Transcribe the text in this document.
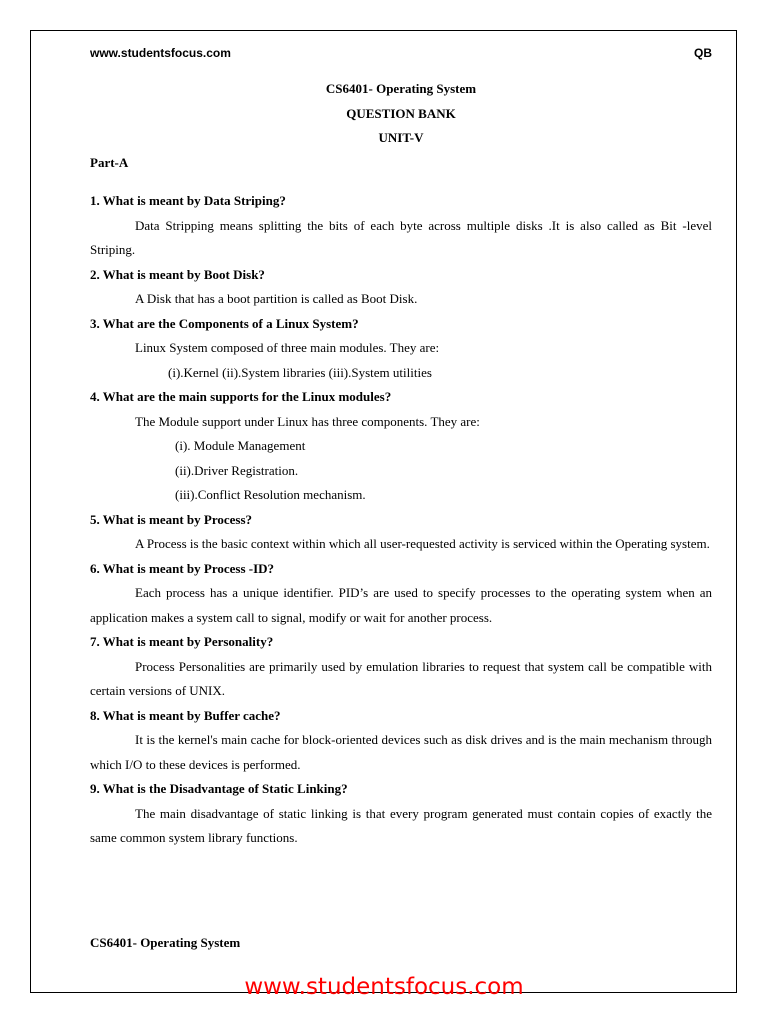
www.studentsfocus.com	QB
CS6401- Operating System
QUESTION BANK
UNIT-V
Part-A

1. What is meant by Data Striping?

Data Stripping means splitting the bits of each byte across multiple disks .It is also called as Bit -level Striping.

2. What is meant by Boot Disk?

A Disk that has a boot partition is called as Boot Disk.

3. What are the Components of a Linux System?

Linux System composed of three main modules. They are:

(i).Kernel (ii).System libraries (iii).System utilities

4. What are the main supports for the Linux modules?

The Module support under Linux has three components. They are:

(i). Module Management

(ii).Driver Registration.

(iii).Conflict Resolution mechanism.

5. What is meant by Process?

A Process is the basic context within which all user-requested activity is serviced within the Operating system.

6. What is meant by Process -ID?

Each process has a unique identifier. PID’s are used to specify processes to the operating system when an application makes a system call to signal, modify or wait for another process.

7. What is meant by Personality?

Process Personalities are primarily used by emulation libraries to request that system call be compatible with certain versions of UNIX.

8. What is meant by Buffer cache?

It is the kernel's main cache for block-oriented devices such as disk drives and is the main mechanism through which I/O to these devices is performed.

9. What is the Disadvantage of Static Linking?

The main disadvantage of static linking is that every program generated must contain copies of exactly the same common system library functions.

CS6401- Operating System
www.studentsfocus.com
